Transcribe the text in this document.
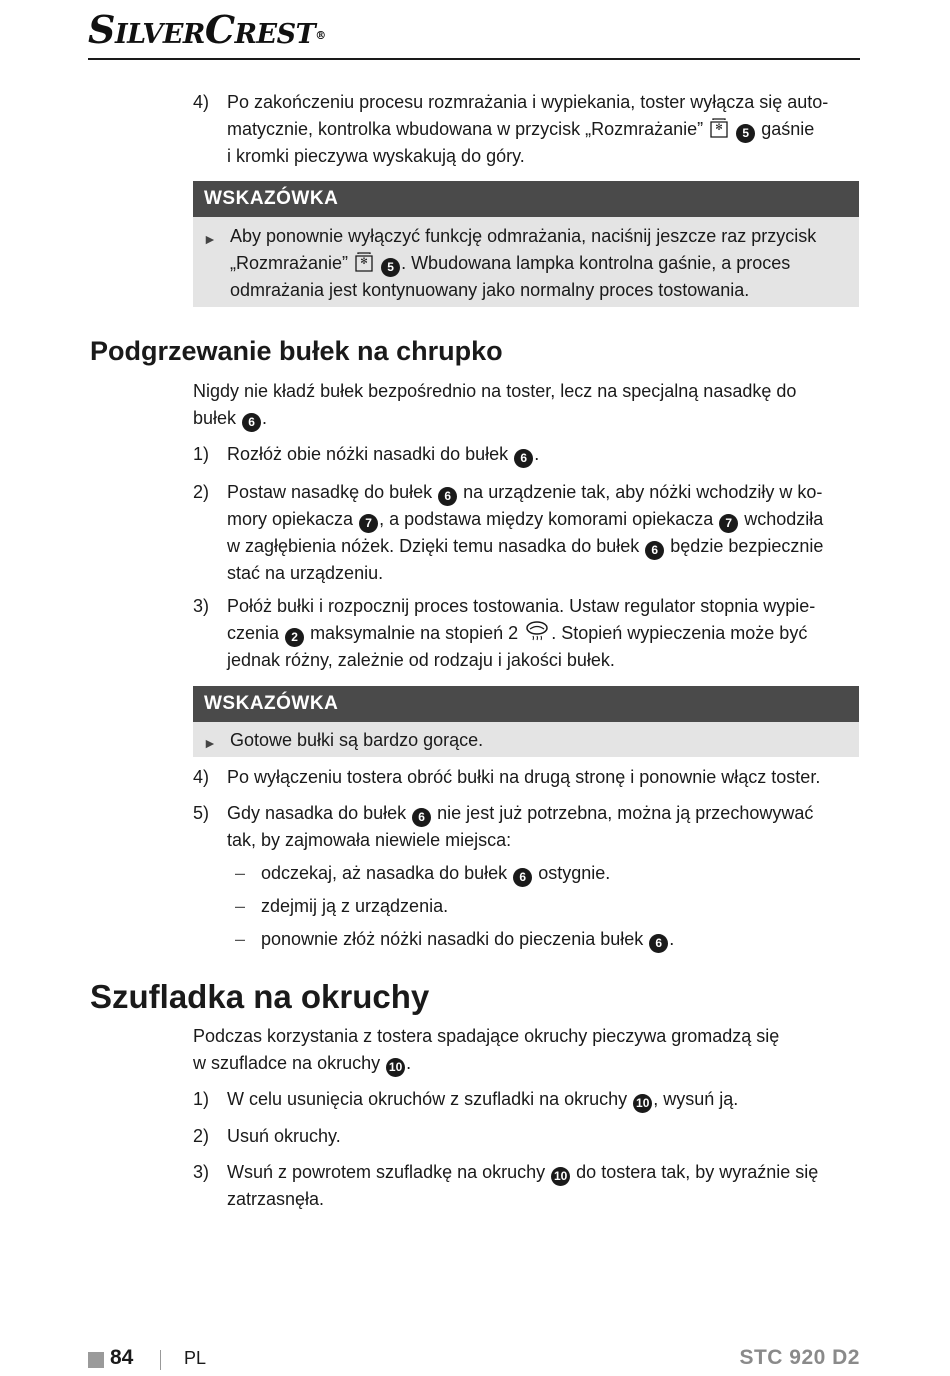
SILVERCREST®
4) Po zakończeniu procesu rozmrażania i wypiekania, toster wyłącza się auto-
matycznie, kontrolka wbudowana w przycisk „Rozmrażanie” ✻ 5 gaśnie
i kromki pieczywa wyskakują do góry.
WSKAZÓWKA
► Aby ponownie wyłączyć funkcję odmrażania, naciśnij jeszcze raz przycisk
„Rozmrażanie” ✻ 5 . Wbudowana lampka kontrolna gaśnie, a proces
odmrażania jest kontynuowany jako normalny proces tostowania.
Podgrzewanie bułek na chrupko
Nigdy nie kładź bułek bezpośrednio na toster, lecz na specjalną nasadkę do
bułek 6 .
1) Rozłóż obie nóżki nasadki do bułek 6 .
2) Postaw nasadkę do bułek 6 na urządzenie tak, aby nóżki wchodziły w ko-
mory opiekacza 7 , a podstawa między komorami opiekacza 7 wchodziła
w zagłębienia nóżek. Dzięki temu nasadka do bułek 6 będzie bezpiecznie
stać na urządzeniu.
3) Połóż bułki i rozpocznij proces tostowania. Ustaw regulator stopnia wypie-
czenia 2 maksymalnie na stopień 2 . Stopień wypieczenia może być
jednak różny, zależnie od rodzaju i jakości bułek.
WSKAZÓWKA
► Gotowe bułki są bardzo gorące.
4) Po wyłączeniu tostera obróć bułki na drugą stronę i ponownie włącz toster.
5) Gdy nasadka do bułek 6 nie jest już potrzebna, można ją przechowywać
tak, by zajmowała niewiele miejsca:
– odczekaj, aż nasadka do bułek 6 ostygnie.
– zdejmij ją z urządzenia.
– ponownie złóż nóżki nasadki do pieczenia bułek 6 .
Szufladka na okruchy
Podczas korzystania z tostera spadające okruchy pieczywa gromadzą się
w szufladce na okruchy 10 .
1) W celu usunięcia okruchów z szufladki na okruchy 10 , wysuń ją.
2) Usuń okruchy.
3) Wsuń z powrotem szufladkę na okruchy 10 do tostera tak, by wyraźnie się
zatrzasnęła.
84	PL	STC 920 D2
